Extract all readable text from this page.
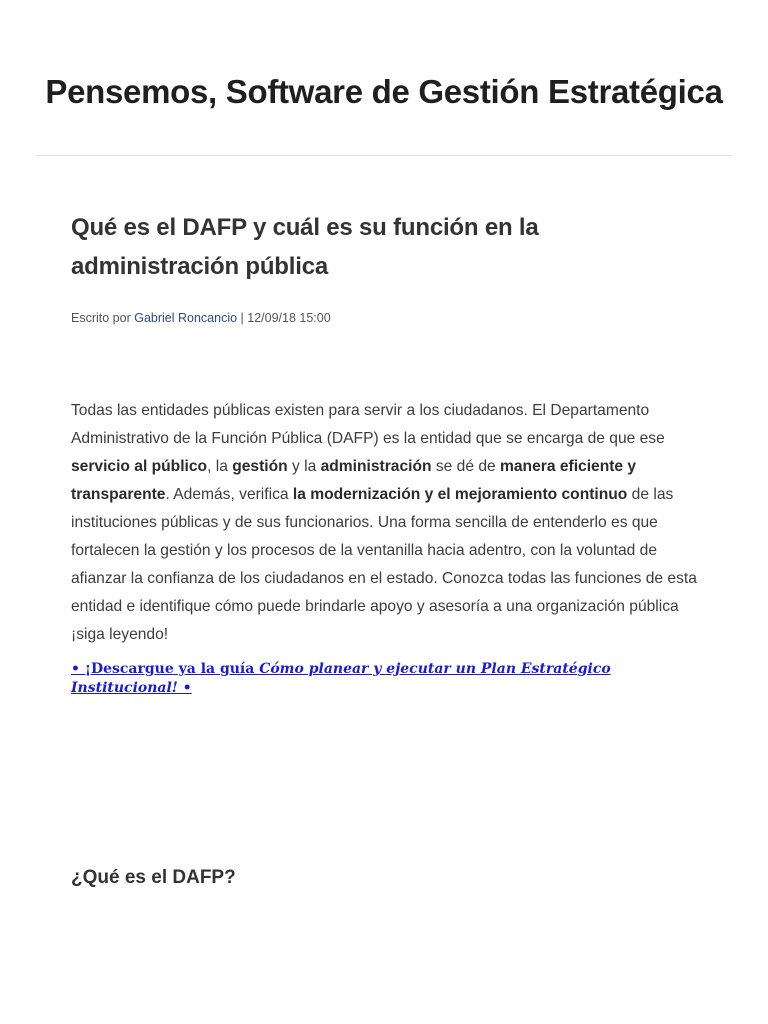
Pensemos, Software de Gestión Estratégica
Qué es el DAFP y cuál es su función en la administración pública
Escrito por Gabriel Roncancio | 12/09/18 15:00

Todas las entidades públicas existen para servir a los ciudadanos. El Departamento Administrativo de la Función Pública (DAFP) es la entidad que se encarga de que ese servicio al público, la gestión y la administración se dé de manera eficiente y transparente. Además, verifica la modernización y el mejoramiento continuo de las instituciones públicas y de sus funcionarios. Una forma sencilla de entenderlo es que fortalecen la gestión y los procesos de la ventanilla hacia adentro, con la voluntad de afianzar la confianza de los ciudadanos en el estado. Conozca todas las funciones de esta entidad e identifique cómo puede brindarle apoyo y asesoría a una organización pública ¡siga leyendo!

• ¡Descargue ya la guía Cómo planear y ejecutar un Plan Estratégico Institucional! •

¿Qué es el DAFP?
